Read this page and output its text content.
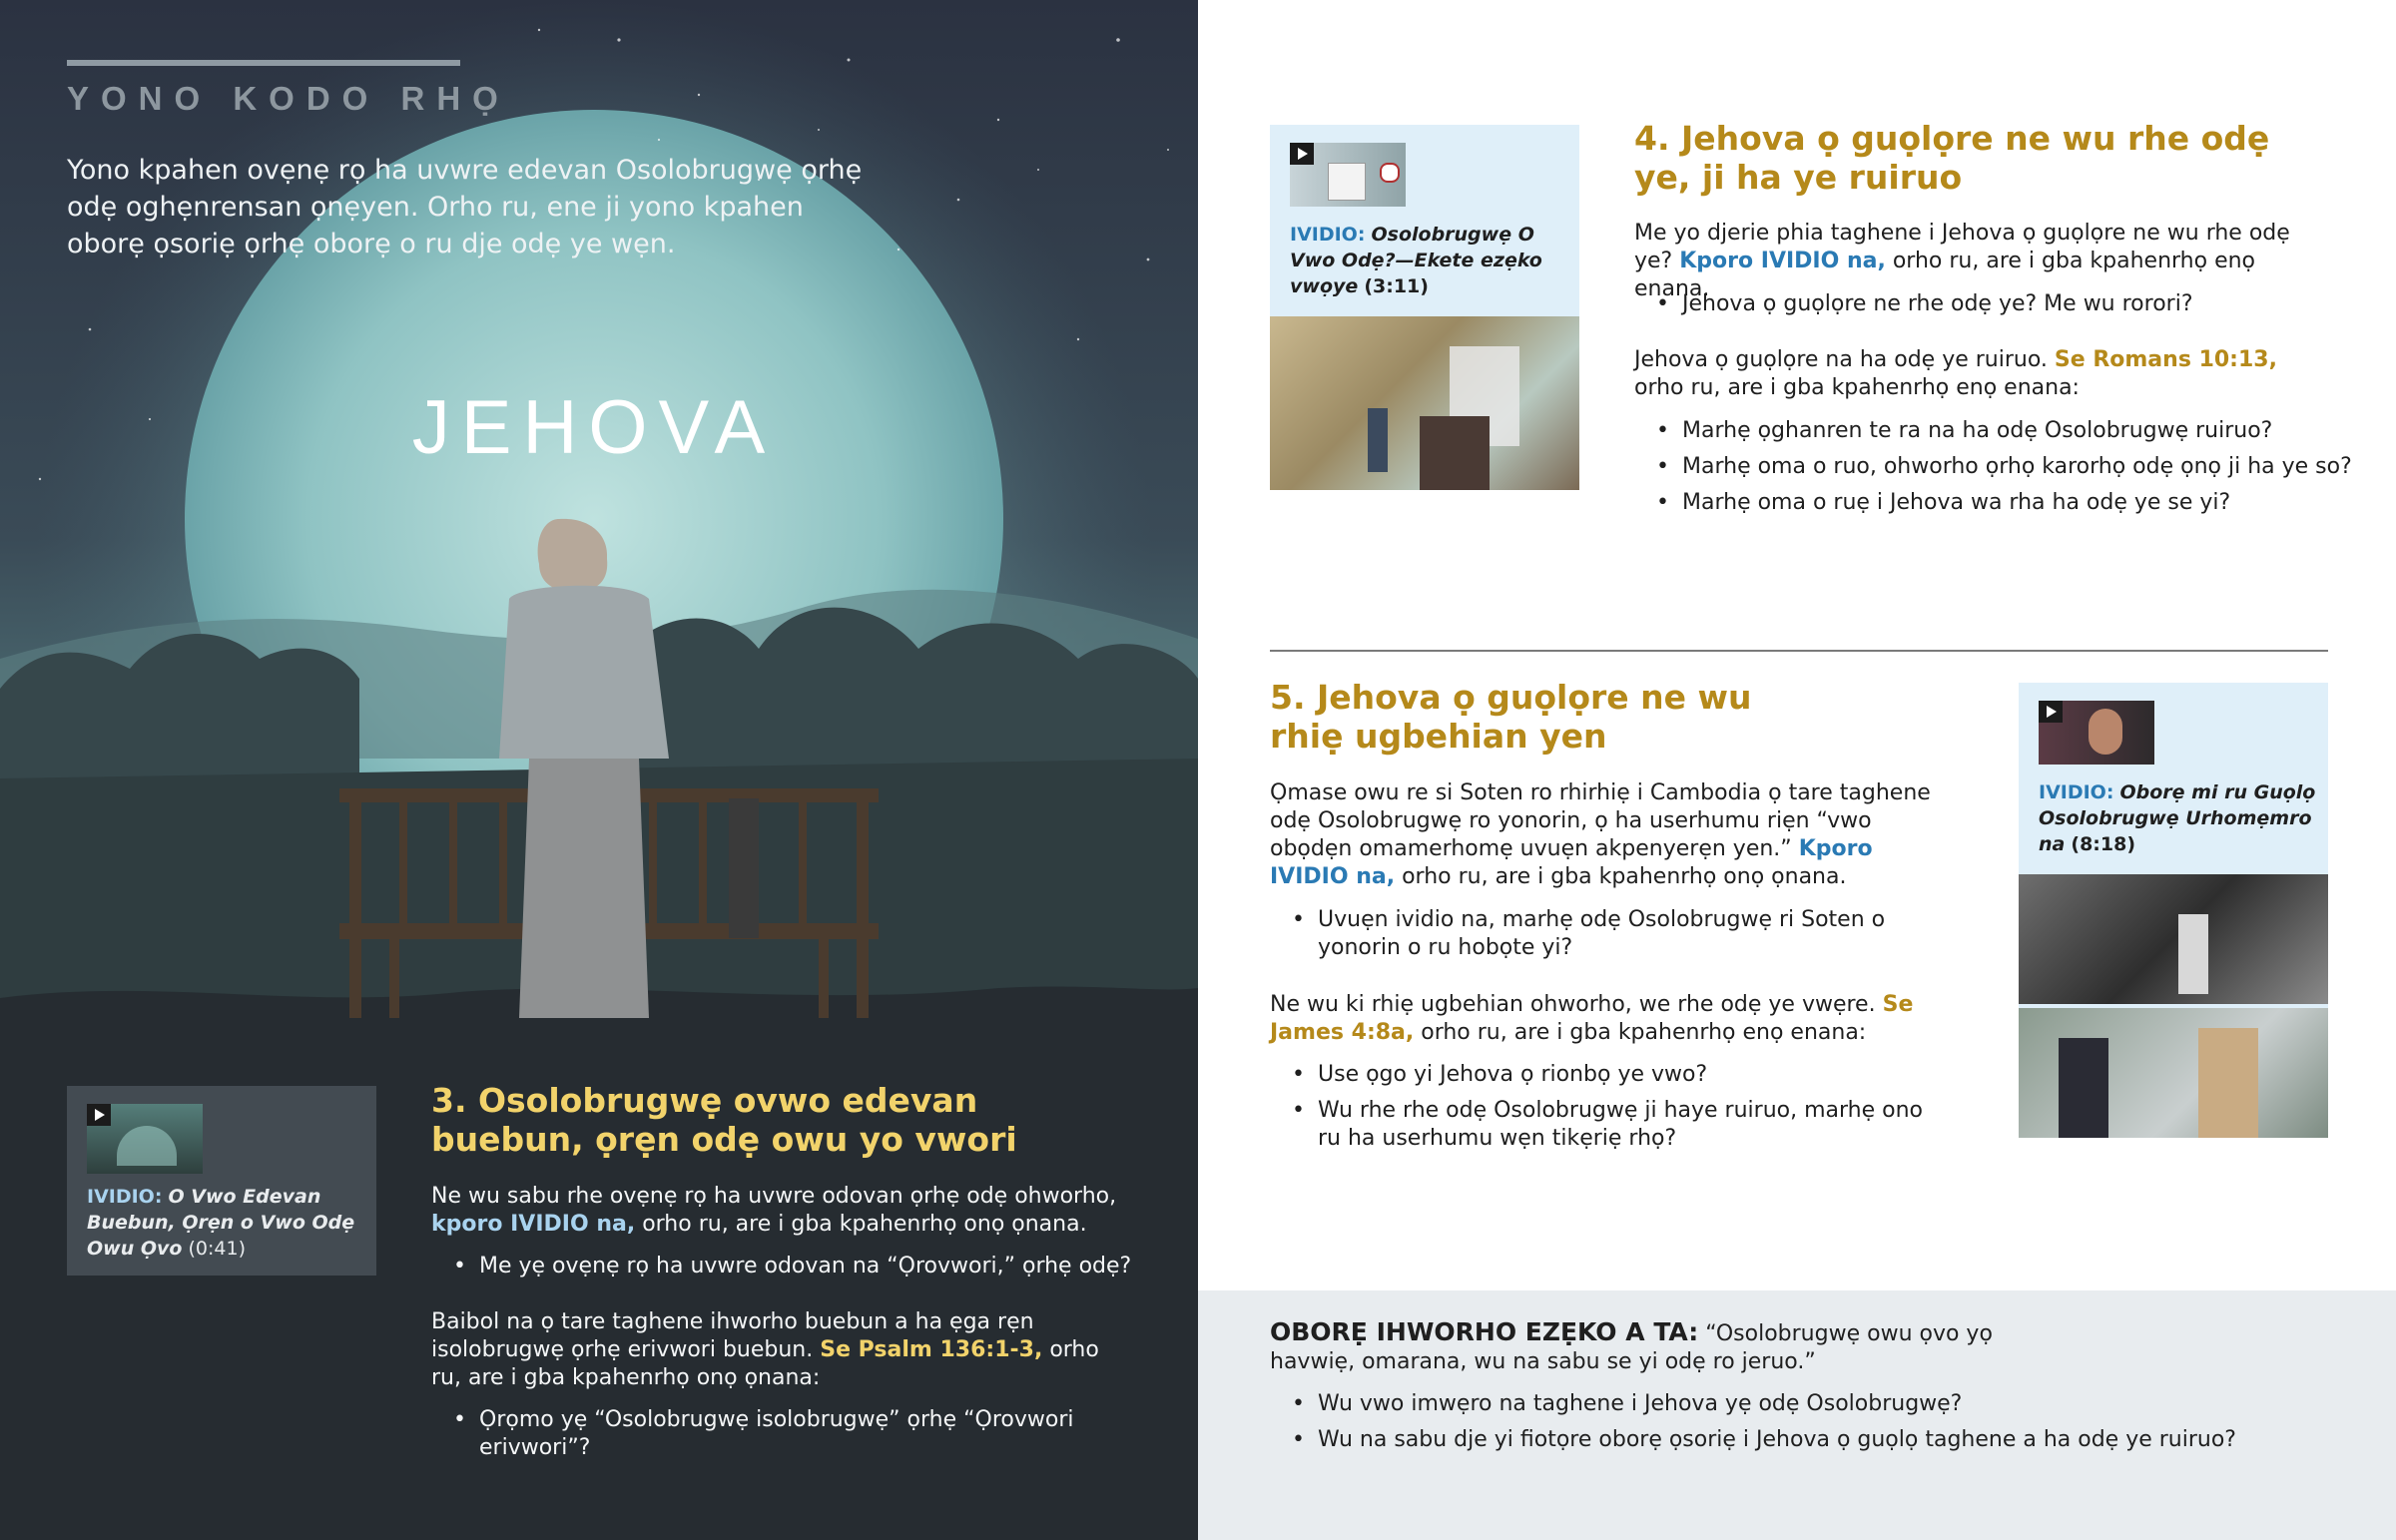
YONO KODO RHỌ
Yono kpahen ovẹnẹ rọ ha uvwre edevan Osolobrugwẹ ọrhẹ odẹ oghẹnrensan ọnẹyen. Orho ru, ene ji yono kpahen oborẹ ọsoriẹ ọrhẹ oborẹ o ru dje odẹ ye wẹn.
JEHOVA
IVIDIO: O Vwo Edevan Buebun, Ọrẹn o Vwo Odẹ Owu Ọvo (0:41)
3. Osolobrugwẹ ovwo edevan buebun, ọrẹn odẹ owu yo vwori
Ne wu sabu rhe ovẹnẹ rọ ha uvwre odovan ọrhẹ odẹ ohworho, kporo IVIDIO na, orho ru, are i gba kpahenrhọ onọ ọnana.
• Me yẹ ovẹnẹ rọ ha uvwre odovan na “Ọrovwori,” ọrhẹ odẹ?
Baibol na ọ tare taghene ihworho buebun a ha ẹga rẹn isolobrugwẹ ọrhẹ erivwori buebun. Se Psalm 136:1-3, orho ru, are i gba kpahenrhọ onọ ọnana:
• Ọrọmo yẹ “Osolobrugwẹ isolobrugwẹ” ọrhẹ “Ọrovwori erivwori”?
IVIDIO: Osolobrugwẹ O Vwo Odẹ?—Ekete ezẹko vwọye (3:11)
4. Jehova ọ guọlọre ne wu rhe odẹ ye, ji ha ye ruiruo
Me yo djerie phia taghene i Jehova ọ guọlọre ne wu rhe odẹ ye? Kporo IVIDIO na, orho ru, are i gba kpahenrhọ enọ enana.
• Jehova ọ guọlọre ne rhe odẹ ye? Me wu rorori?
Jehova ọ guọlọre na ha odẹ ye ruiruo. Se Romans 10:13, orho ru, are i gba kpahenrhọ enọ enana:
• Marhẹ ọghanren te ra na ha odẹ Osolobrugwẹ ruiruo?
• Marhẹ oma o ruo, ohworho ọrhọ karorhọ odẹ ọnọ ji ha ye so?
• Marhẹ oma o ruẹ i Jehova wa rha ha odẹ ye se yi?
5. Jehova ọ guọlọre ne wu rhiẹ ugbehian yen
Ọmase owu re si Soten ro rhirhiẹ i Cambodia ọ tare taghene odẹ Osolobrugwẹ ro yonorin, ọ ha userhumu riẹn “vwo obọdẹn omamerhomẹ uvuẹn akpenyerẹn yen.” Kporo IVIDIO na, orho ru, are i gba kpahenrhọ onọ ọnana.
• Uvuẹn ividio na, marhẹ odẹ Osolobrugwẹ ri Soten o yonorin o ru hobọte yi?
Ne wu ki rhiẹ ugbehian ohworho, we rhe odẹ ye vwẹre. Se James 4:8a, orho ru, are i gba kpahenrhọ enọ enana:
• Use ọgo yi Jehova ọ rionbọ ye vwo?
• Wu rhe rhe odẹ Osolobrugwẹ ji haye ruiruo, marhẹ ono ru ha userhumu wẹn tikẹriẹ rhọ?
IVIDIO: Oborẹ mi ru Guọlọ Osolobrugwẹ Urhomẹmro na (8:18)
OBORẸ IHWORHO EZẸKO A TA: “Osolobrugwẹ owu ọvo yọ havwiẹ, omarana, wu na sabu se yi odẹ ro jeruo.”
• Wu vwo imwẹro na taghene i Jehova yẹ odẹ Osolobrugwẹ?
• Wu na sabu dje yi fiotọre oborẹ ọsoriẹ i Jehova ọ guọlọ taghene a ha odẹ ye ruiruo?
